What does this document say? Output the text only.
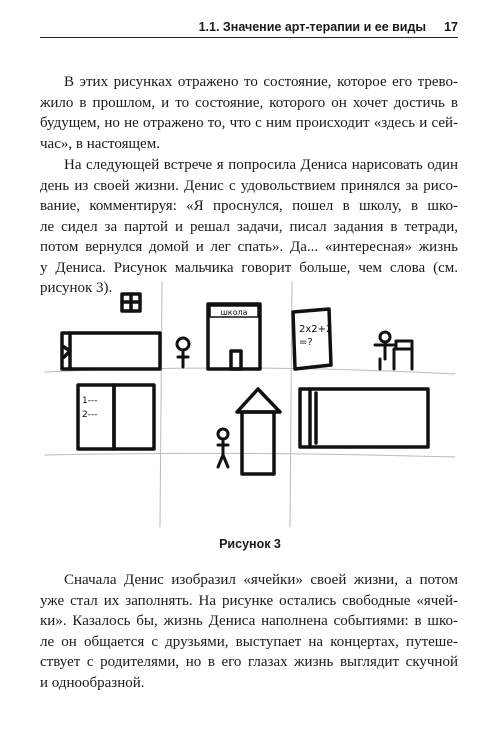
1.1. Значение арт-терапии и ее виды 17

В этих рисунках отражено то состояние, которое его трево-
жило в прошлом, и то состояние, которого он хочет достичь в
будущем, но не отражено то, что с ним происходит «здесь и сей-
час», в настоящем.

На следующей встрече я попросила Дениса нарисовать один
день из своей жизни. Денис с удовольствием принялся за рисо-
вание, комментируя: «Я проснулся, пошел в школу, в шко-
ле сидел за партой и решал задачи, писал задания в тетради,
потом вернулся домой и лег спать». Да... «интересная» жизнь
у Дениса. Рисунок мальчика говорит больше, чем слова (см.
рисунок 3).

школа
2x2+2
=?
1---
2---
Рисунок 3

Сначала Денис изобразил «ячейки» своей жизни, а потом
уже стал их заполнять. На рисунке остались свободные «ячей-
ки». Казалось бы, жизнь Дениса наполнена событиями: в шко-
ле он общается с друзьями, выступает на концертах, путеше-
ствует с родителями, но в его глазах жизнь выглядит скучной
и однообразной.
